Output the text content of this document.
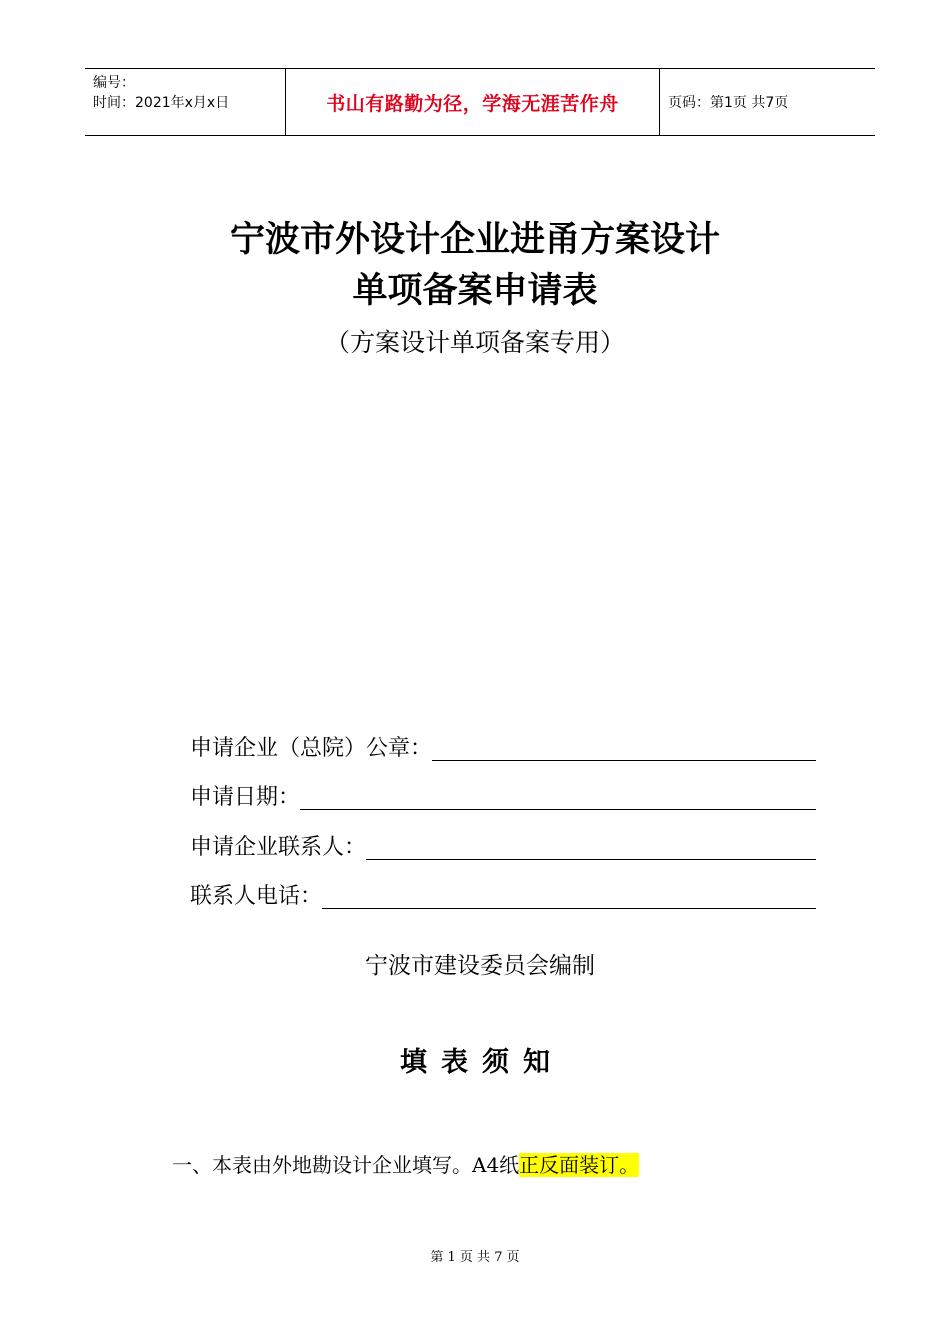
编号：
时间：2021年x月x日	书山有路勤为径，学海无涯苦作舟	页码：第1页 共7页
宁波市外设计企业进甬方案设计
单项备案申请表
（方案设计单项备案专用）
申请企业（总院）公章：
申请日期：
申请企业联系人：
联系人电话：
宁波市建设委员会编制
填表须知
一、本表由外地勘设计企业填写。A4纸正反面装订。
第 1 页 共 7 页
